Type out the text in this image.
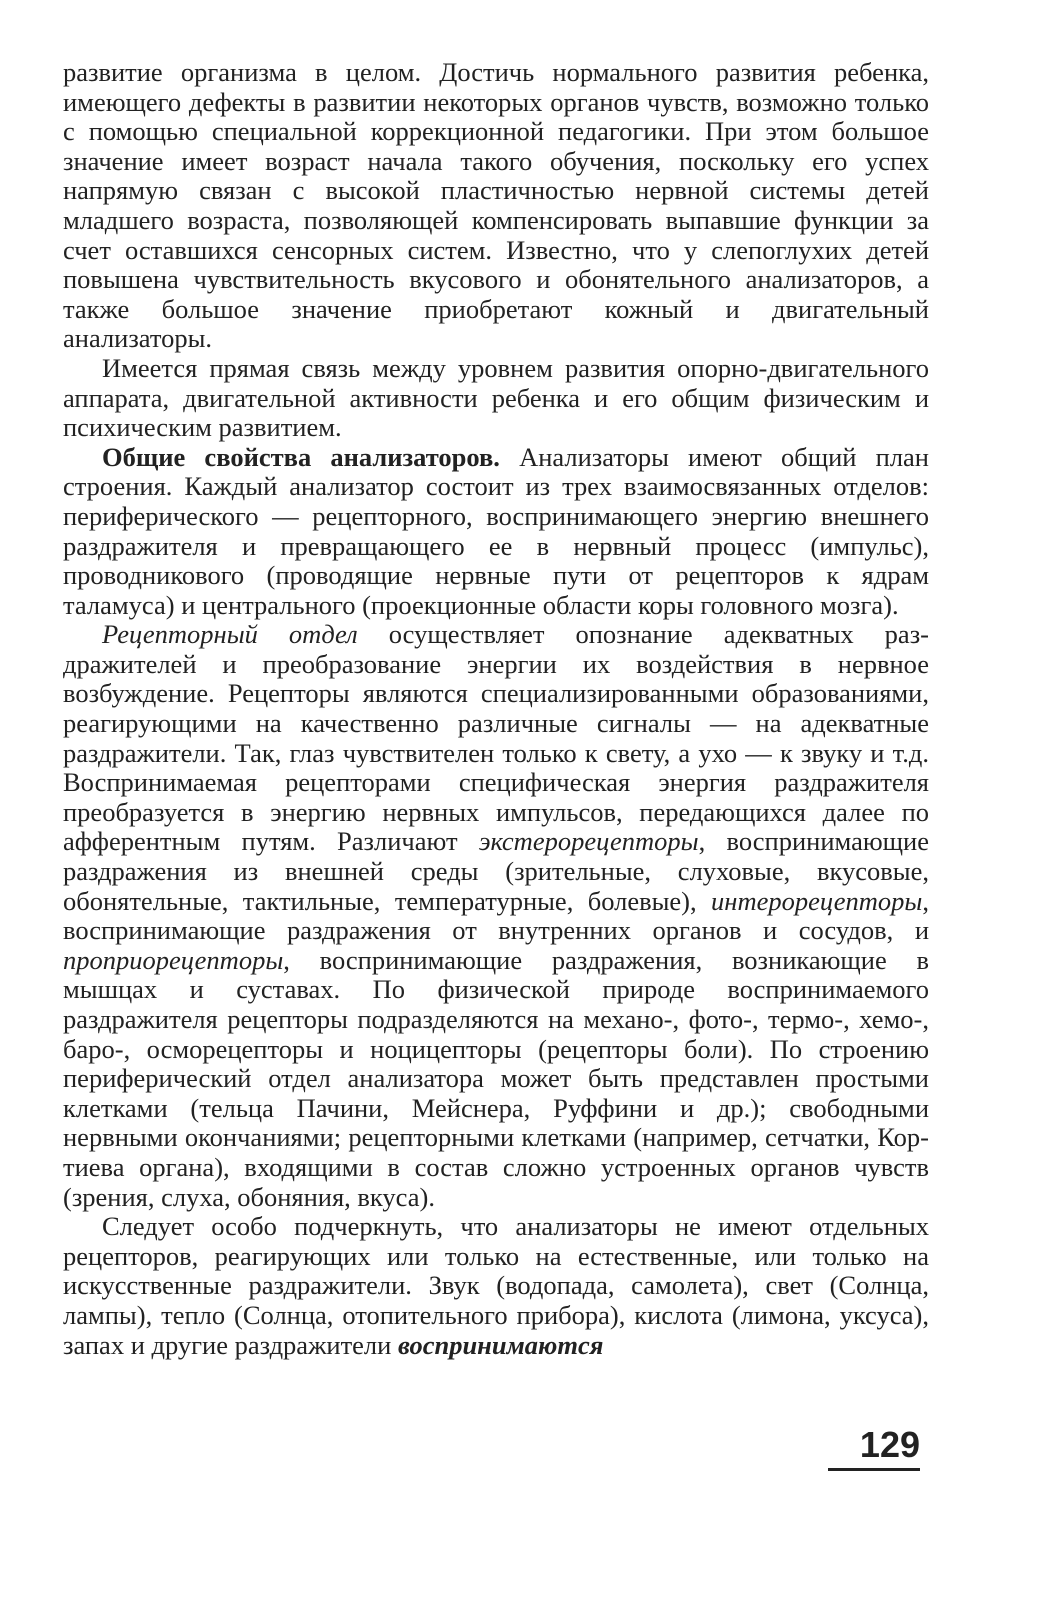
развитие организма в целом. Достичь нормального развития ребенка, имеющего дефекты в развитии некоторых органов чувств, возможно только с помощью специальной коррекционной педагогики. При этом большое значение имеет возраст начала такого обучения, поскольку его успех напрямую связан с высокой пластичностью нервной системы детей младшего возраста, позволяющей компенсировать выпавшие функции за счет оставшихся сенсорных систем. Известно, что у слепоглухих детей повышена чувствительность вкусового и обонятельного анализаторов, а также большое значение приобретают кожный и двигательный анализаторы.

Имеется прямая связь между уровнем развития опорно-двигательного аппарата, двигательной активности ребенка и его общим физическим и психическим развитием.

Общие свойства анализаторов. Анализаторы имеют общий план строения. Каждый анализатор состоит из трех взаимосвязанных отделов: периферического — рецепторного, воспринимающего энергию внешнего раздражителя и превращающего ее в нервный процесс (импульс), проводникового (проводящие нервные пути от рецепторов к ядрам таламуса) и центрального (проекционные области коры головного мозга).

Рецепторный отдел осуществляет опознание адекватных раздражителей и преобразование энергии их воздействия в нервное возбуждение. Рецепторы являются специализированными образованиями, реагирующими на качественно различные сигналы — на адекватные раздражители. Так, глаз чувствителен только к свету, а ухо — к звуку и т.д. Воспринимаемая рецепторами специфическая энергия раздражителя преобразуется в энергию нервных импульсов, передающихся далее по афферентным путям. Различают экстерорецепторы, воспринимающие раздражения из внешней среды (зрительные, слуховые, вкусовые, обонятельные, тактильные, температурные, болевые), интерорецепторы, воспринимающие раздражения от внутренних органов и сосудов, и проприорецепторы, воспринимающие раздражения, возникающие в мышцах и суставах. По физической природе воспринимаемого раздражителя рецепторы подразделяются на механо-, фото-, термо-, хемо-, баро-, осморецепторы и ноцицепторы (рецепторы боли). По строению периферический отдел анализатора может быть представлен простыми клетками (тельца Пачини, Мейснера, Руффини и др.); свободными нервными окончаниями; рецепторными клетками (например, сетчатки, Кортиева органа), входящими в состав сложно устроенных органов чувств (зрения, слуха, обоняния, вкуса).

Следует особо подчеркнуть, что анализаторы не имеют отдельных рецепторов, реагирующих или только на естественные, или только на искусственные раздражители. Звук (водопада, самолета), свет (Солнца, лампы), тепло (Солнца, отопительного прибора), кислота (лимона, уксуса), запах и другие раздражители воспринимаются

129
